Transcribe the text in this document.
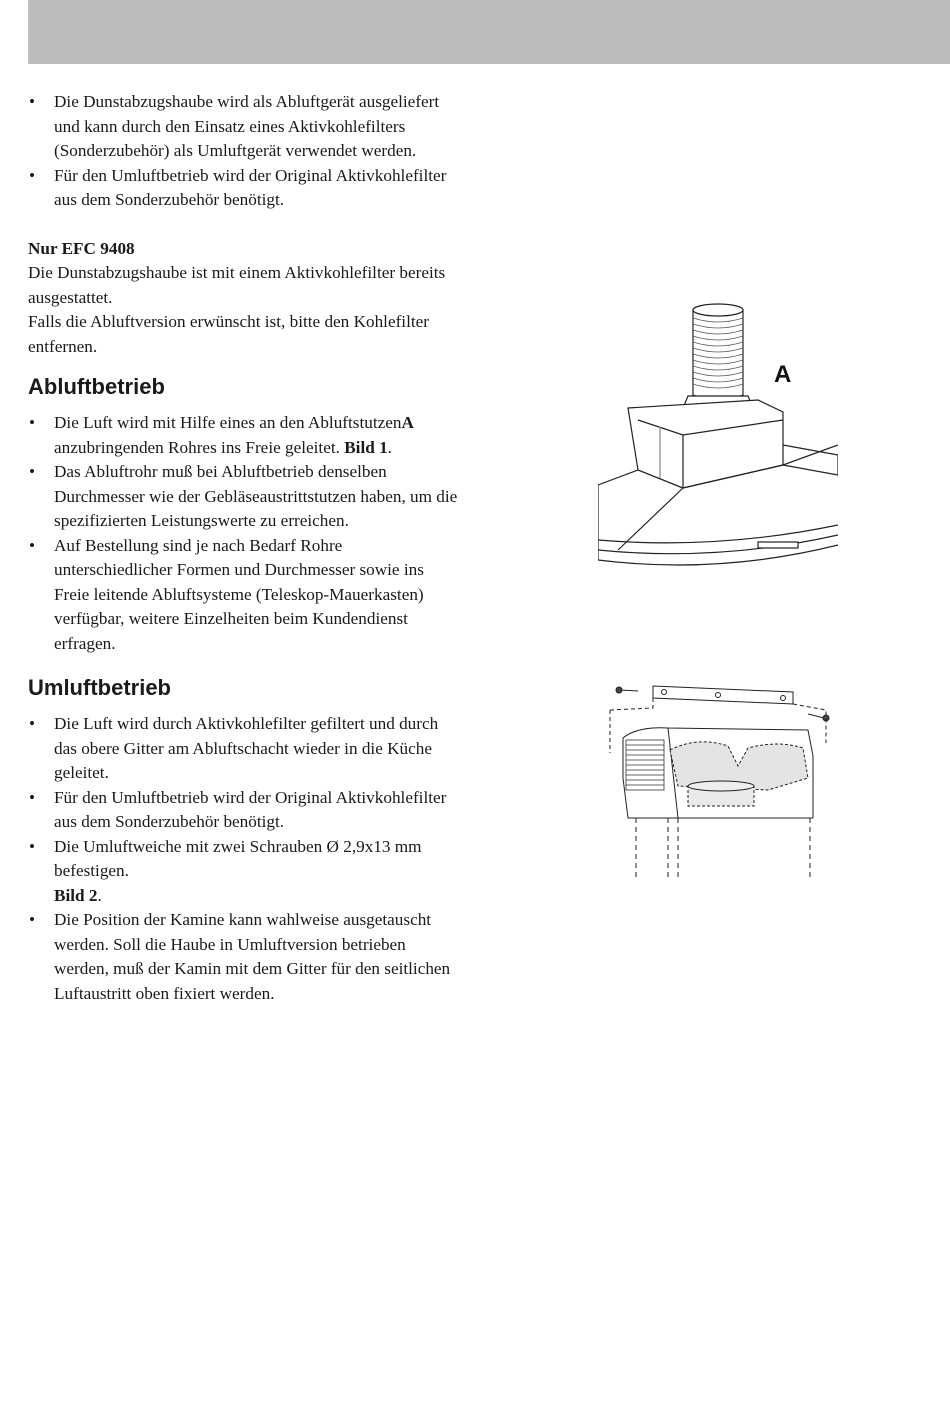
• Die Dunstabzugshaube wird als Abluftgerät ausgeliefert und kann durch den Einsatz eines Aktivkohlefilters (Sonderzubehör) als Umluftgerät verwendet werden.
• Für den Umluftbetrieb wird der Original Aktivkohlefilter aus dem Sonderzubehör benötigt.
Nur EFC 9408
Die Dunstabzugshaube ist mit einem Aktivkohlefilter bereits ausgestattet.
Falls die Abluftversion erwünscht ist, bitte den Kohlefilter entfernen.
Abluftbetrieb
• Die Luft wird mit Hilfe eines an den AbluftstutzenA anzubringenden Rohres ins Freie geleitet. Bild 1.
• Das Abluftrohr muß bei Abluftbetrieb denselben Durchmesser wie der Gebläseaustrittstutzen haben, um die spezifizierten Leistungswerte zu erreichen.
• Auf Bestellung sind je nach Bedarf Rohre unterschiedlicher Formen und Durchmesser sowie ins Freie leitende Abluftsysteme (Teleskop-Mauerkasten) verfügbar, weitere Einzelheiten beim Kundendienst erfragen.
Umluftbetrieb
• Die Luft wird durch Aktivkohlefilter gefiltert und durch das obere Gitter am Abluftschacht wieder in die Küche geleitet.
• Für den Umluftbetrieb wird der Original Aktivkohlefilter aus dem Sonderzubehör benötigt.
• Die Umluftweiche mit zwei Schrauben Ø 2,9x13 mm befestigen.
Bild 2.
• Die Position der Kamine kann wahlweise ausgetauscht werden. Soll die Haube in Umluftversion betrieben werden, muß der Kamin mit dem Gitter für den seitlichen Luftaustritt oben fixiert werden.
A
